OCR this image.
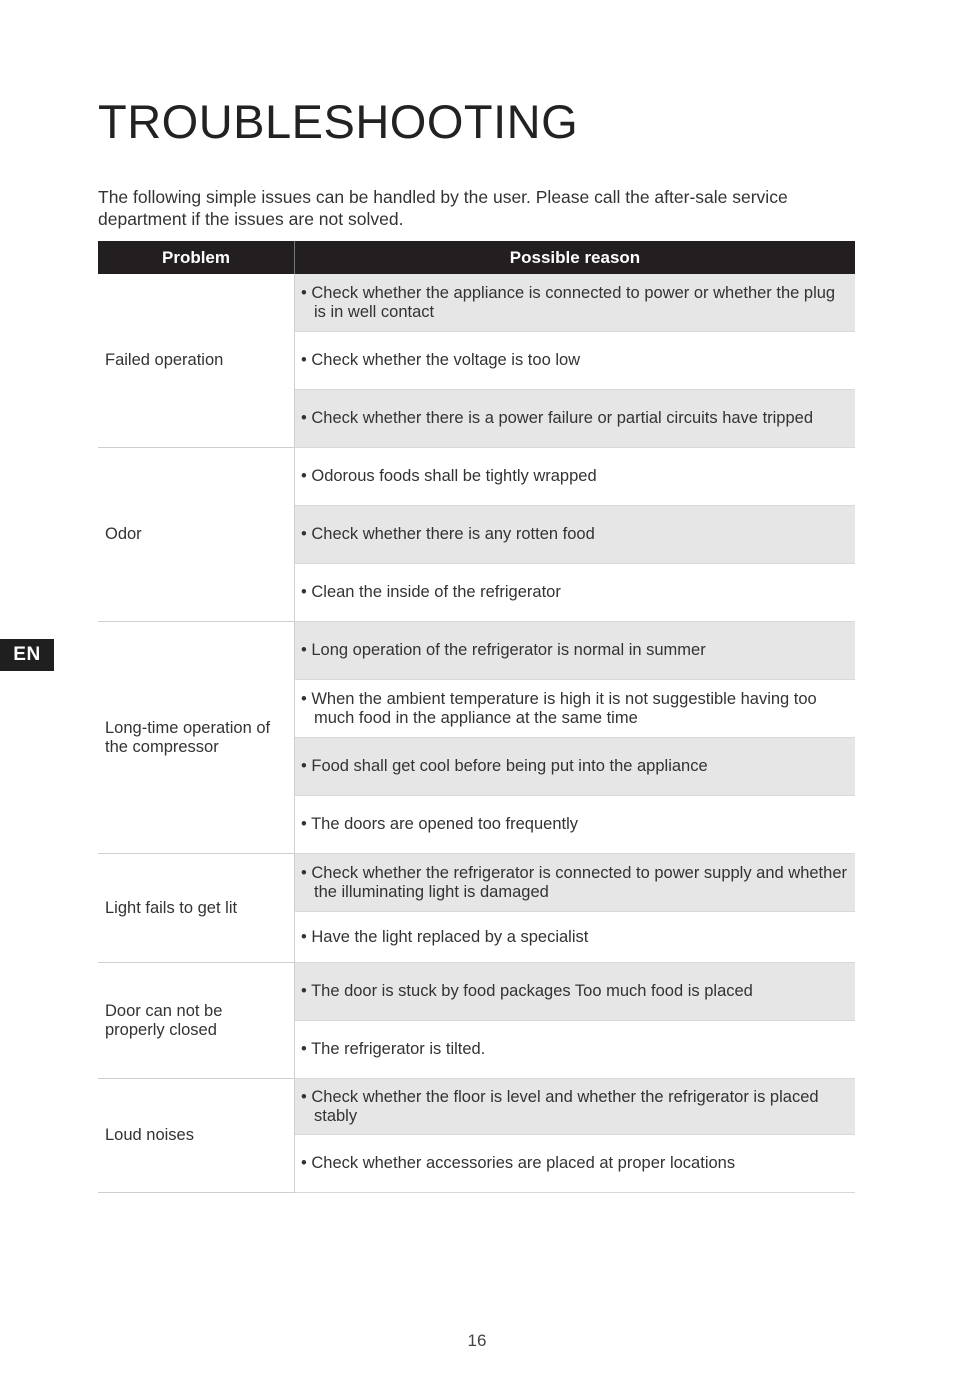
TROUBLESHOOTING

The following simple issues can be handled by the user. Please call the after-sale service department if the issues are not solved.

EN
Problem	Possible reason
Failed operation	• Check whether the appliance is connected to power or whether the plug is in well contact

	• Check whether the voltage is too low

	• Check whether there is a power failure or partial circuits have tripped

Odor	• Odorous foods shall be tightly wrapped

	• Check whether there is any rotten food

	• Clean the inside of the refrigerator

Long-time operation of the compressor	• Long operation of the refrigerator is normal in summer

	• When the ambient temperature is high it is not suggestible having too much food in the appliance at the same time

	• Food shall get cool before being put into the appliance

	• The doors are opened too frequently

Light fails to get lit	• Check whether the refrigerator is connected to power supply and whether the illuminating light is damaged

	• Have the light replaced by a specialist

Door can not be properly closed	• The door is stuck by food packages Too much food is placed

	• The refrigerator is tilted.

Loud noises	• Check whether the floor is level and whether the refrigerator is placed stably

	• Check whether accessories are placed at proper locations
16
